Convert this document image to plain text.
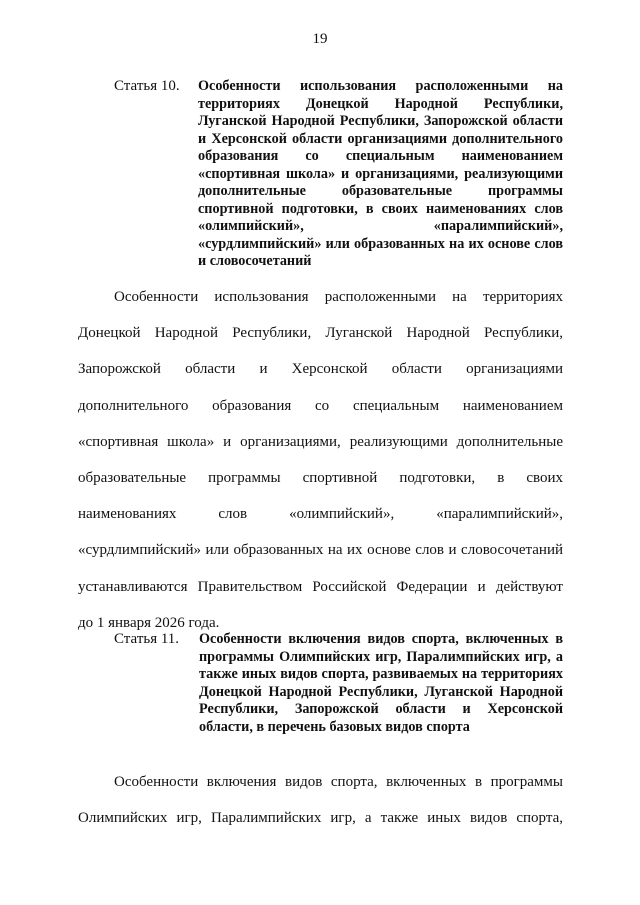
19
Статья 10. Особенности использования расположенными на территориях Донецкой Народной Республики, Луганской Народной Республики, Запорожской области и Херсонской области организациями дополнительного образования со специальным наименованием «спортивная школа» и организациями, реализующими дополнительные образовательные программы спортивной подготовки, в своих наименованиях слов «олимпийский», «паралимпийский», «сурдлимпийский» или образованных на их основе слов и словосочетаний
Особенности использования расположенными на территориях
Донецкой Народной Республики, Луганской Народной Республики,
Запорожской области и Херсонской области организациями
дополнительного образования со специальным наименованием
«спортивная школа» и организациями, реализующими дополнительные
образовательные программы спортивной подготовки, в своих
наименованиях слов «олимпийский», «паралимпийский»,
«сурдлимпийский» или образованных на их основе слов и словосочетаний
устанавливаются Правительством Российской Федерации и действуют
до 1 января 2026 года.
Статья 11. Особенности включения видов спорта, включенных в программы Олимпийских игр, Паралимпийских игр, а также иных видов спорта, развиваемых на территориях Донецкой Народной Республики, Луганской Народной Республики, Запорожской области и Херсонской области, в перечень базовых видов спорта
Особенности включения видов спорта, включенных в программы
Олимпийских игр, Паралимпийских игр, а также иных видов спорта,
